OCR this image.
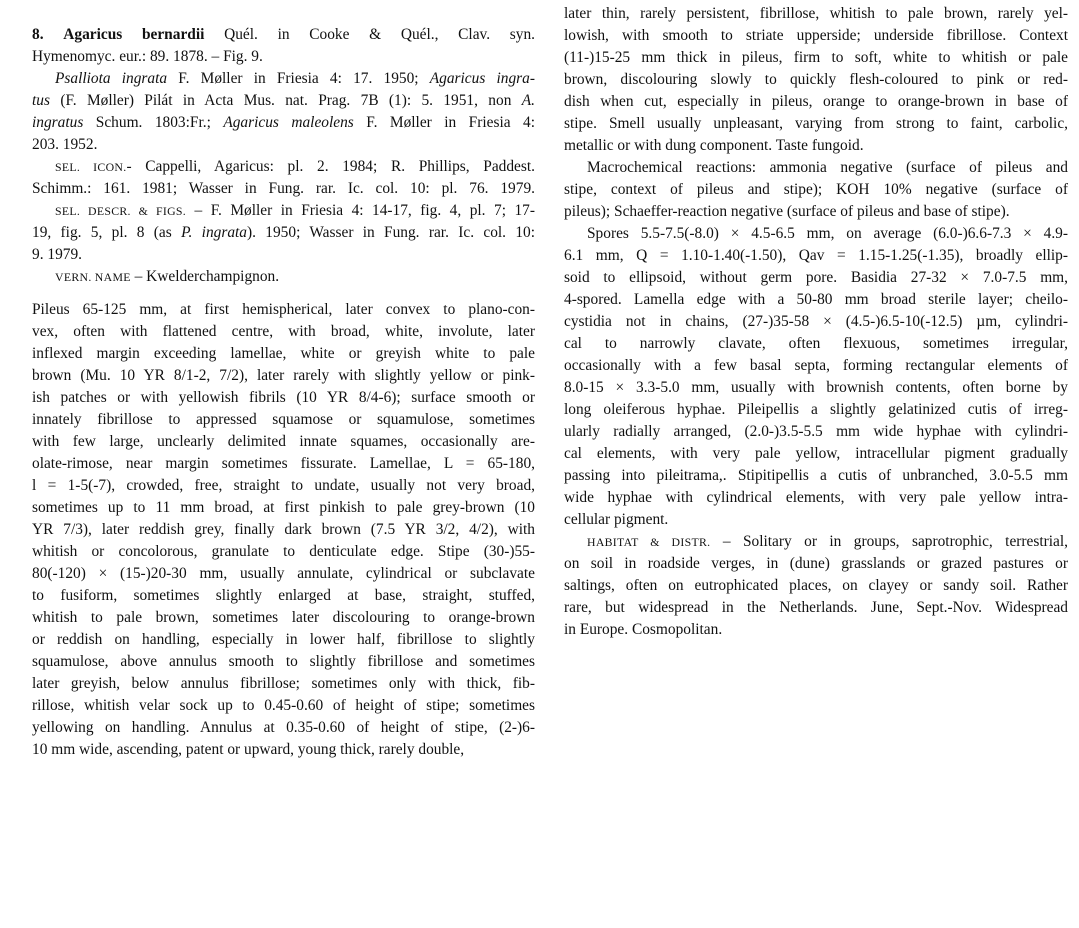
8. Agaricus bernardii Quél. in Cooke & Quél., Clav. syn.
Hymenomyc. eur.: 89. 1878. – Fig. 9.
Psalliota ingrata F. Møller in Friesia 4: 17. 1950; Agaricus ingra-
tus (F. Møller) Pilát in Acta Mus. nat. Prag. 7B (1): 5. 1951, non A.
ingratus Schum. 1803:Fr.; Agaricus maleolens F. Møller in Friesia 4:
203. 1952.
SEL. ICON.- Cappelli, Agaricus: pl. 2. 1984; R. Phillips, Paddest.
Schimm.: 161. 1981; Wasser in Fung. rar. Ic. col. 10: pl. 76. 1979.
SEL. DESCR. & FIGS. – F. Møller in Friesia 4: 14-17, fig. 4, pl. 7; 17-
19, fig. 5, pl. 8 (as P. ingrata). 1950; Wasser in Fung. rar. Ic. col. 10:
9. 1979.
VERN. NAME – Kwelderchampignon.
Pileus 65-125 mm, at first hemispherical, later convex to plano-con-
vex, often with flattened centre, with broad, white, involute, later
inflexed margin exceeding lamellae, white or greyish white to pale
brown (Mu. 10 YR 8/1-2, 7/2), later rarely with slightly yellow or pink-
ish patches or with yellowish fibrils (10 YR 8/4-6); surface smooth or
innately fibrillose to appressed squamose or squamulose, sometimes
with few large, unclearly delimited innate squames, occasionally are-
olate-rimose, near margin sometimes fissurate. Lamellae, L = 65-180,
l = 1-5(-7), crowded, free, straight to undate, usually not very broad,
sometimes up to 11 mm broad, at first pinkish to pale grey-brown (10
YR 7/3), later reddish grey, finally dark brown (7.5 YR 3/2, 4/2), with
whitish or concolorous, granulate to denticulate edge. Stipe (30-)55-
80(-120) × (15-)20-30 mm, usually annulate, cylindrical or subclavate
to fusiform, sometimes slightly enlarged at base, straight, stuffed,
whitish to pale brown, sometimes later discolouring to orange-brown
or reddish on handling, especially in lower half, fibrillose to slightly
squamulose, above annulus smooth to slightly fibrillose and sometimes
later greyish, below annulus fibrillose; sometimes only with thick, fib-
rillose, whitish velar sock up to 0.45-0.60 of height of stipe; sometimes
yellowing on handling. Annulus at 0.35-0.60 of height of stipe, (2-)6-
10 mm wide, ascending, patent or upward, young thick, rarely double,
later thin, rarely persistent, fibrillose, whitish to pale brown, rarely yel-
lowish, with smooth to striate upperside; underside fibrillose. Context
(11-)15-25 mm thick in pileus, firm to soft, white to whitish or pale
brown, discolouring slowly to quickly flesh-coloured to pink or red-
dish when cut, especially in pileus, orange to orange-brown in base of
stipe. Smell usually unpleasant, varying from strong to faint, carbolic,
metallic or with dung component. Taste fungoid.
Macrochemical reactions: ammonia negative (surface of pileus and
stipe, context of pileus and stipe); KOH 10% negative (surface of
pileus); Schaeffer-reaction negative (surface of pileus and base of stipe).
Spores 5.5-7.5(-8.0) × 4.5-6.5 mm, on average (6.0-)6.6-7.3 × 4.9-
6.1 mm, Q = 1.10-1.40(-1.50), Qav = 1.15-1.25(-1.35), broadly ellip-
soid to ellipsoid, without germ pore. Basidia 27-32 × 7.0-7.5 mm,
4-spored. Lamella edge with a 50-80 mm broad sterile layer; cheilo-
cystidia not in chains, (27-)35-58 × (4.5-)6.5-10(-12.5) µm, cylindri-
cal to narrowly clavate, often flexuous, sometimes irregular,
occasionally with a few basal septa, forming rectangular elements of
8.0-15 × 3.3-5.0 mm, usually with brownish contents, often borne by
long oleiferous hyphae. Pileipellis a slightly gelatinized cutis of irreg-
ularly radially arranged, (2.0-)3.5-5.5 mm wide hyphae with cylindri-
cal elements, with very pale yellow, intracellular pigment gradually
passing into pileitrama,. Stipitipellis a cutis of unbranched, 3.0-5.5 mm
wide hyphae with cylindrical elements, with very pale yellow intra-
cellular pigment.
HABITAT & DISTR. – Solitary or in groups, saprotrophic, terrestrial,
on soil in roadside verges, in (dune) grasslands or grazed pastures or
saltings, often on eutrophicated places, on clayey or sandy soil. Rather
rare, but widespread in the Netherlands. June, Sept.-Nov. Widespread
in Europe. Cosmopolitan.
